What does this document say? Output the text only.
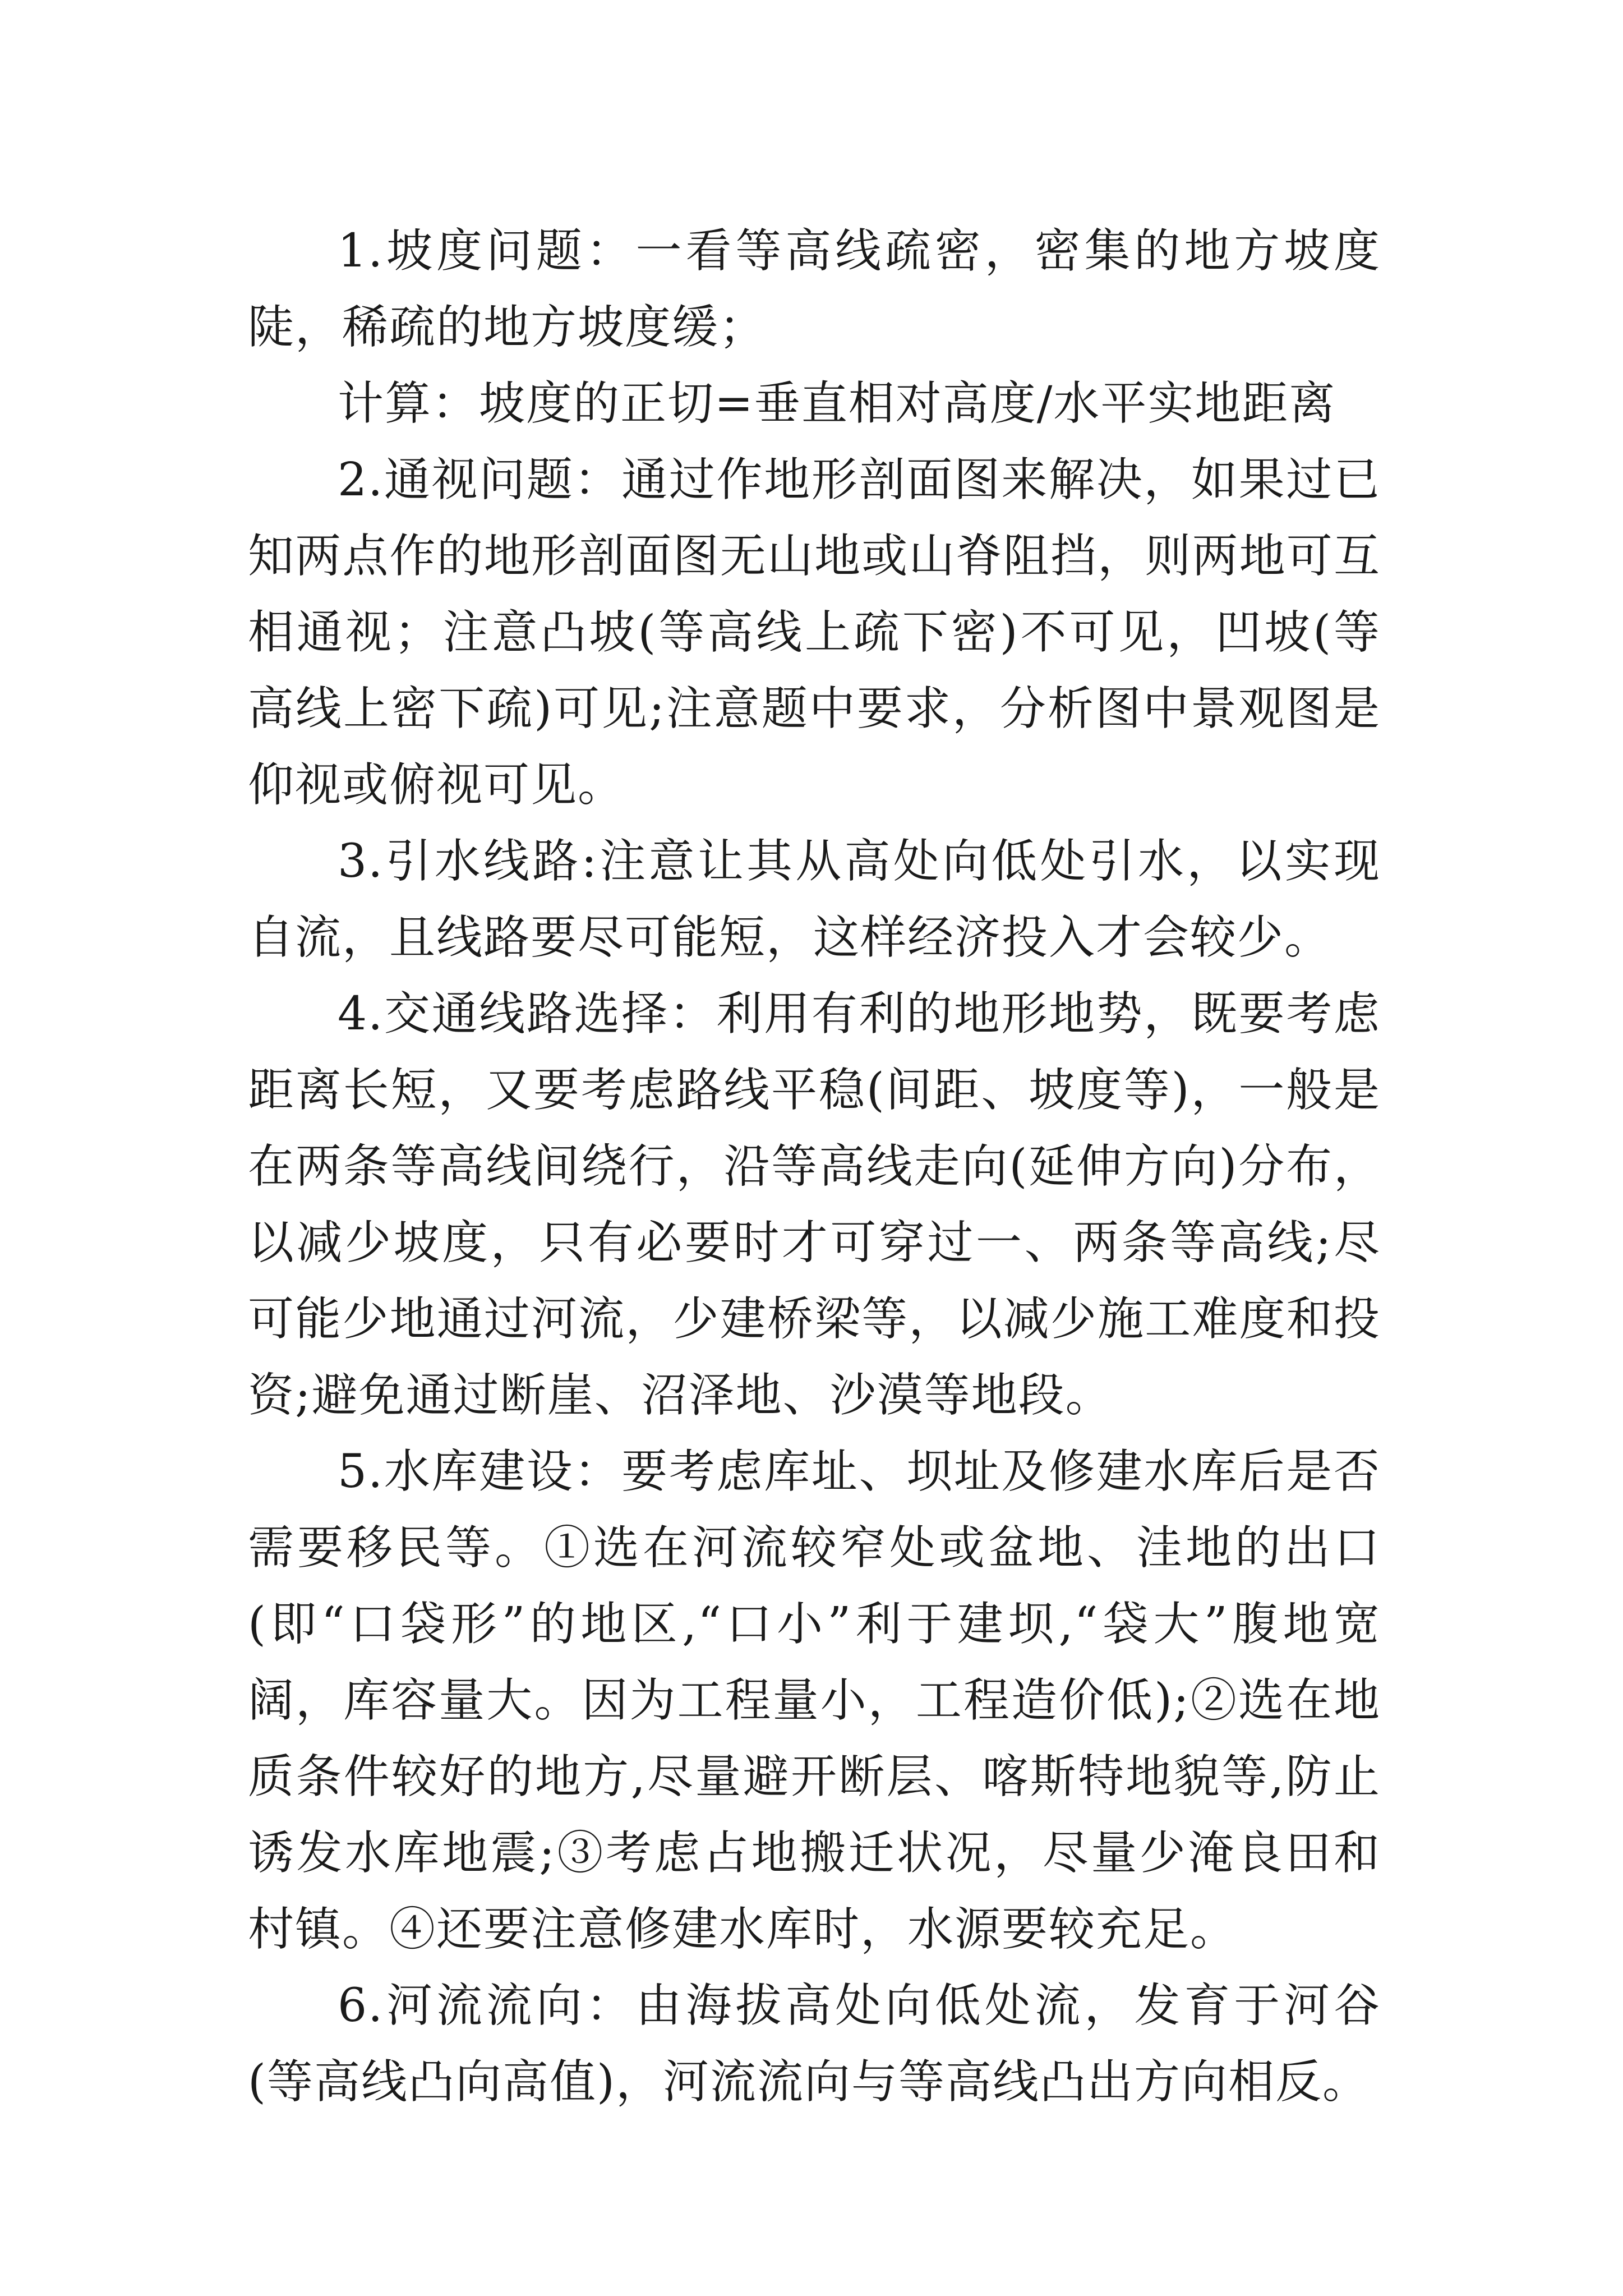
1.坡度问题：一看等高线疏密，密集的地方坡度陡，稀疏的地方坡度缓；

计算：坡度的正切=垂直相对高度/水平实地距离

2.通视问题：通过作地形剖面图来解决，如果过已知两点作的地形剖面图无山地或山脊阻挡，则两地可互相通视；注意凸坡(等高线上疏下密)不可见，凹坡(等高线上密下疏)可见;注意题中要求，分析图中景观图是仰视或俯视可见。

3.引水线路:注意让其从高处向低处引水，以实现自流，且线路要尽可能短，这样经济投入才会较少。

4.交通线路选择：利用有利的地形地势，既要考虑距离长短，又要考虑路线平稳(间距、坡度等)，一般是在两条等高线间绕行，沿等高线走向(延伸方向)分布，以减少坡度，只有必要时才可穿过一、两条等高线;尽可能少地通过河流，少建桥梁等，以减少施工难度和投资;避免通过断崖、沼泽地、沙漠等地段。

5.水库建设：要考虑库址、坝址及修建水库后是否需要移民等。①选在河流较窄处或盆地、洼地的出口(即“口袋形”的地区,“口小”利于建坝,“袋大”腹地宽阔，库容量大。因为工程量小，工程造价低);②选在地质条件较好的地方,尽量避开断层、喀斯特地貌等,防止诱发水库地震;③考虑占地搬迁状况，尽量少淹良田和村镇。④还要注意修建水库时，水源要较充足。

6.河流流向：由海拔高处向低处流，发育于河谷(等高线凸向高值)，河流流向与等高线凸出方向相反。
